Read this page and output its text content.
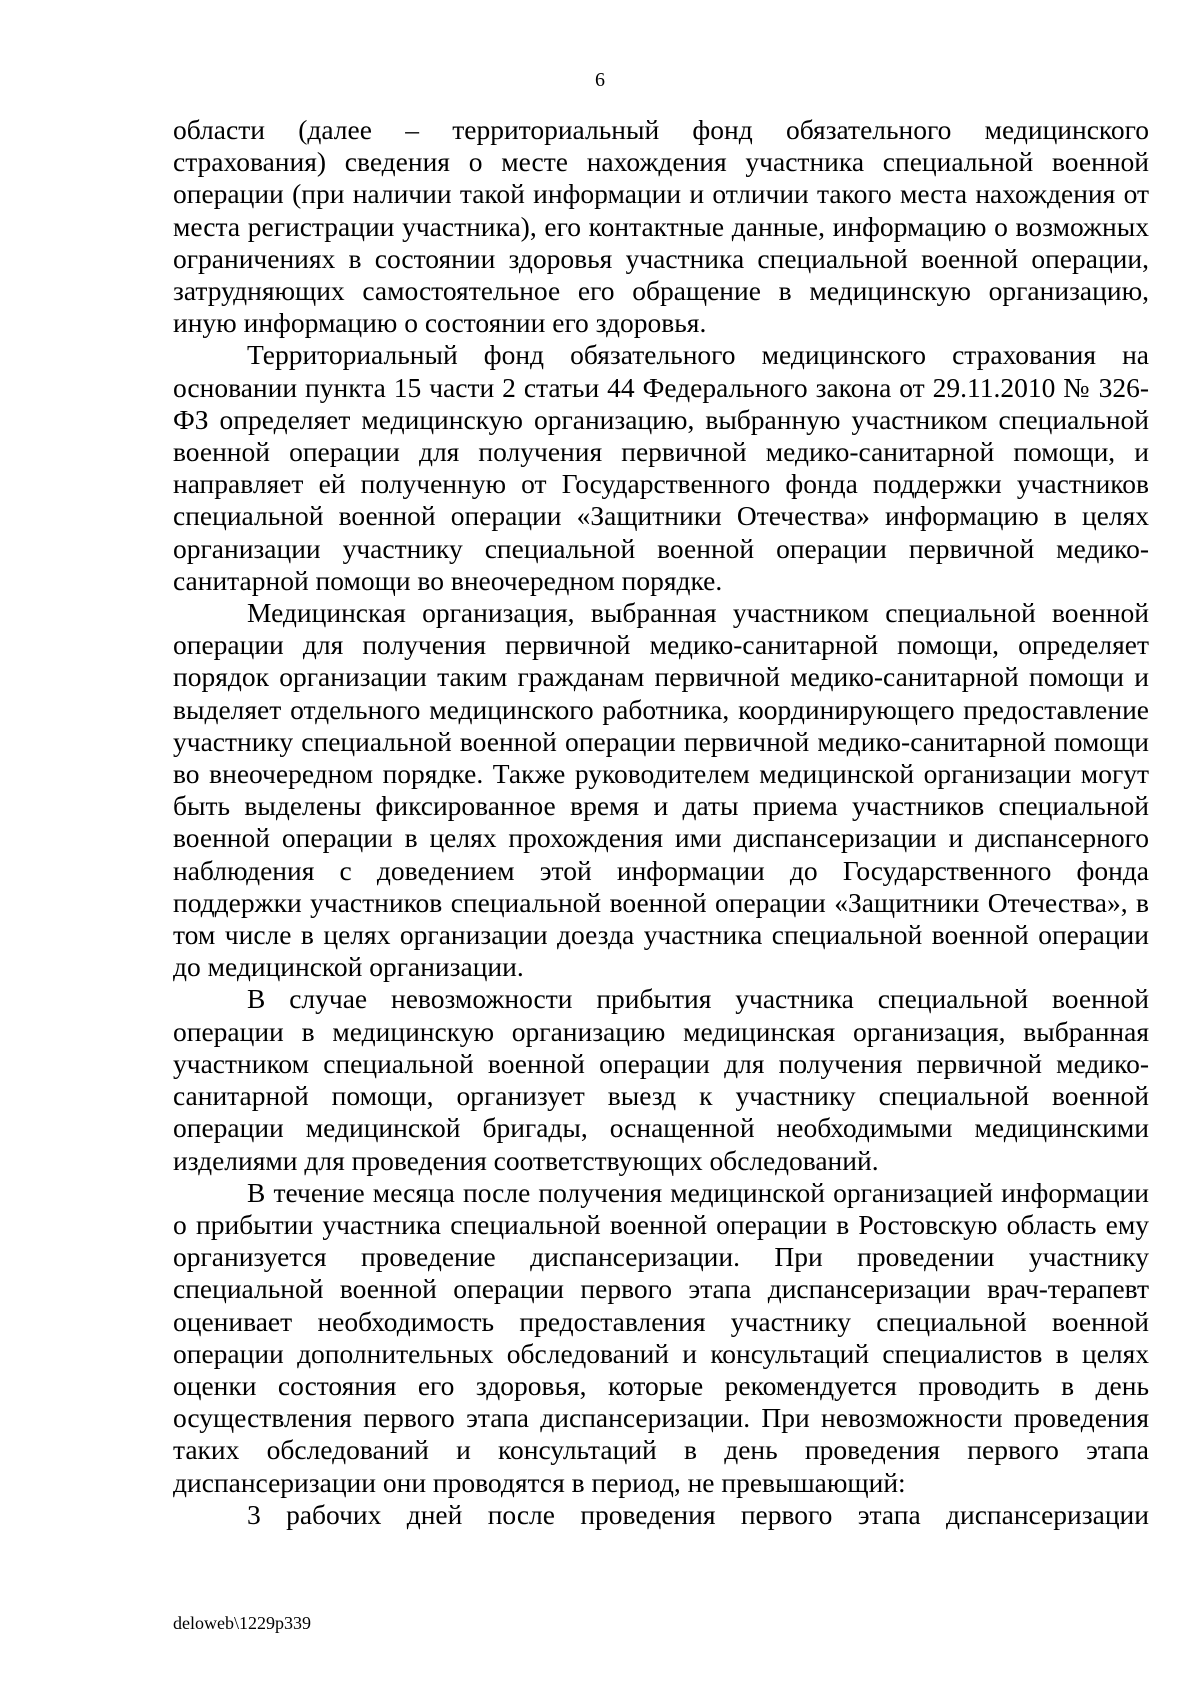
6

области (далее – территориальный фонд обязательного медицинского страхования) сведения о месте нахождения участника специальной военной операции (при наличии такой информации и отличии такого места нахождения от места регистрации участника), его контактные данные, информацию о возможных ограничениях в состоянии здоровья участника специальной военной операции, затрудняющих самостоятельное его обращение в медицинскую организацию, иную информацию о состоянии его здоровья.

Территориальный фонд обязательного медицинского страхования на основании пункта 15 части 2 статьи 44 Федерального закона от 29.11.2010 № 326-ФЗ определяет медицинскую организацию, выбранную участником специальной военной операции для получения первичной медико-санитарной помощи, и направляет ей полученную от Государственного фонда поддержки участников специальной военной операции «Защитники Отечества» информацию в целях организации участнику специальной военной операции первичной медико-санитарной помощи во внеочередном порядке.

Медицинская организация, выбранная участником специальной военной операции для получения первичной медико-санитарной помощи, определяет порядок организации таким гражданам первичной медико-санитарной помощи и выделяет отдельного медицинского работника, координирующего предоставление участнику специальной военной операции первичной медико-санитарной помощи во внеочередном порядке. Также руководителем медицинской организации могут быть выделены фиксированное время и даты приема участников специальной военной операции в целях прохождения ими диспансеризации и диспансерного наблюдения с доведением этой информации до Государственного фонда поддержки участников специальной военной операции «Защитники Отечества», в том числе в целях организации доезда участника специальной военной операции до медицинской организации.

В случае невозможности прибытия участника специальной военной операции в медицинскую организацию медицинская организация, выбранная участником специальной военной операции для получения первичной медико-санитарной помощи, организует выезд к участнику специальной военной операции медицинской бригады, оснащенной необходимыми медицинскими изделиями для проведения соответствующих обследований.

В течение месяца после получения медицинской организацией информации о прибытии участника специальной военной операции в Ростовскую область ему организуется проведение диспансеризации. При проведении участнику специальной военной операции первого этапа диспансеризации врач-терапевт оценивает необходимость предоставления участнику специальной военной операции дополнительных обследований и консультаций специалистов в целях оценки состояния его здоровья, которые рекомендуется проводить в день осуществления первого этапа диспансеризации. При невозможности проведения таких обследований и консультаций в день проведения первого этапа диспансеризации они проводятся в период, не превышающий:

3 рабочих дней после проведения первого этапа диспансеризации

deloweb\1229p339
